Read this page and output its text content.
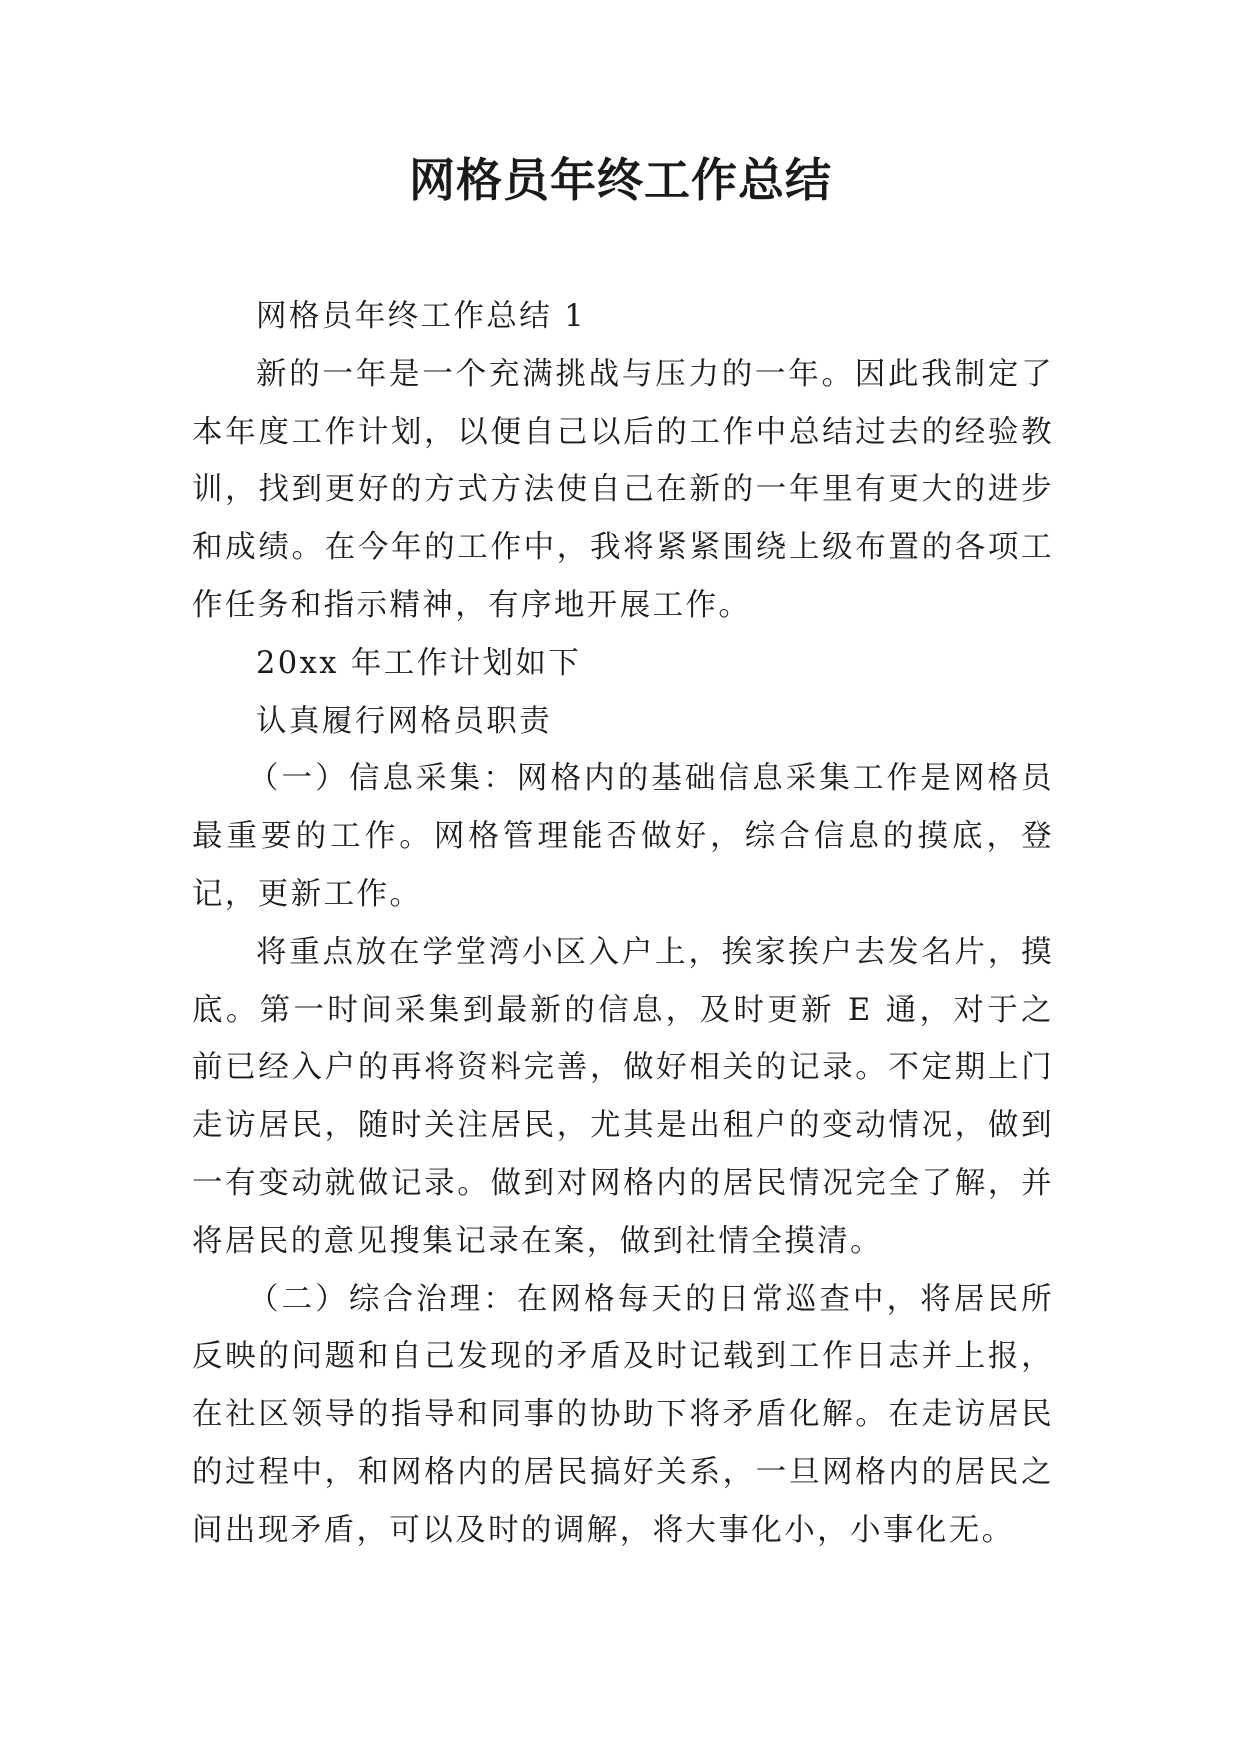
网格员年终工作总结

网格员年终工作总结 1

新的一年是一个充满挑战与压力的一年。因此我制定了本年度工作计划，以便自己以后的工作中总结过去的经验教训，找到更好的方式方法使自己在新的一年里有更大的进步和成绩。在今年的工作中，我将紧紧围绕上级布置的各项工作任务和指示精神，有序地开展工作。

20xx 年工作计划如下

认真履行网格员职责

（一）信息采集：网格内的基础信息采集工作是网格员最重要的工作。网格管理能否做好，综合信息的摸底，登记，更新工作。

将重点放在学堂湾小区入户上，挨家挨户去发名片，摸底。第一时间采集到最新的信息，及时更新 E 通，对于之前已经入户的再将资料完善，做好相关的记录。不定期上门走访居民，随时关注居民，尤其是出租户的变动情况，做到一有变动就做记录。做到对网格内的居民情况完全了解，并将居民的意见搜集记录在案，做到社情全摸清。

（二）综合治理：在网格每天的日常巡查中，将居民所反映的问题和自己发现的矛盾及时记载到工作日志并上报，在社区领导的指导和同事的协助下将矛盾化解。在走访居民的过程中，和网格内的居民搞好关系，一旦网格内的居民之间出现矛盾，可以及时的调解，将大事化小，小事化无。
